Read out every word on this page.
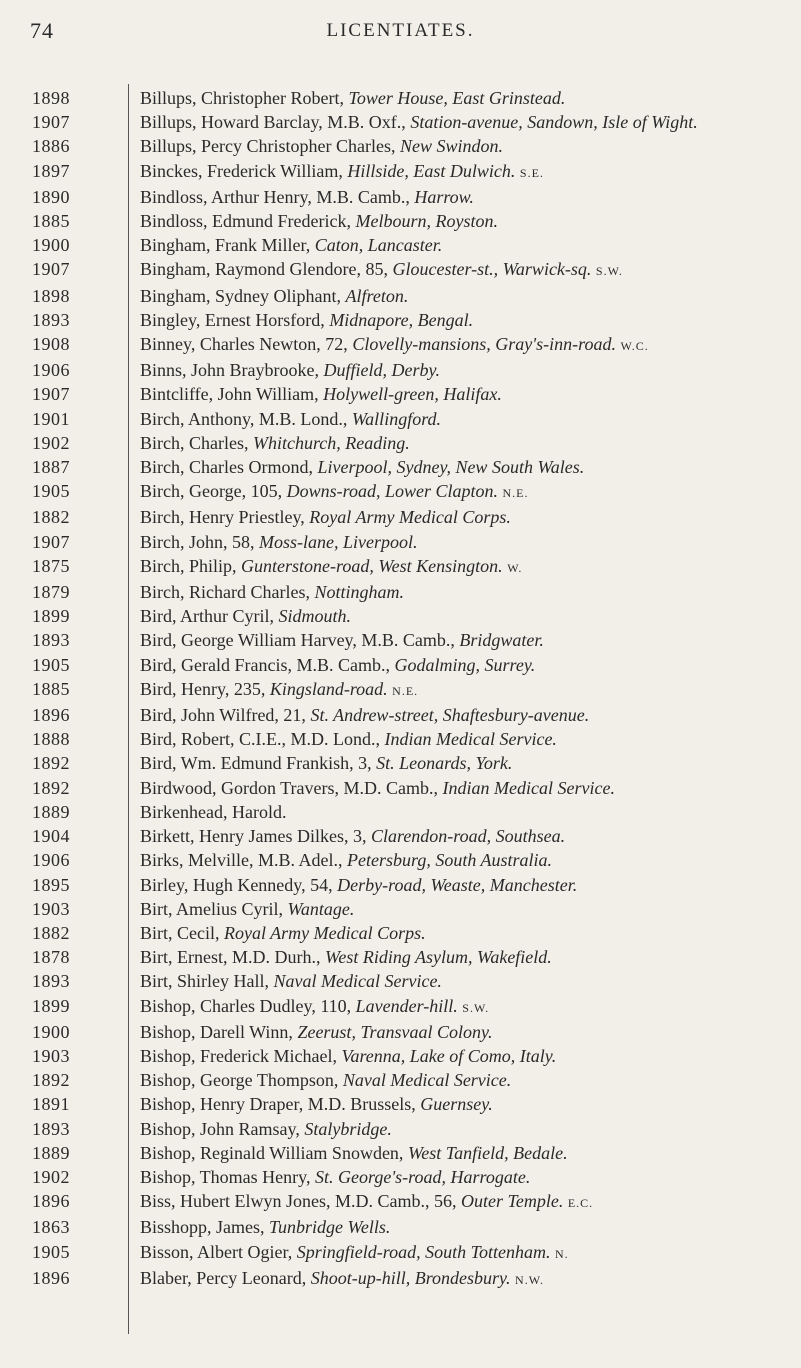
74	LICENTIATES.
1898	Billups, Christopher Robert, Tower House, East Grinstead.
1907	Billups, Howard Barclay, M.B. Oxf., Station-avenue, Sandown, Isle of Wight.
1886	Billups, Percy Christopher Charles, New Swindon.
1897	Binckes, Frederick William, Hillside, East Dulwich. S.E.
1890	Bindloss, Arthur Henry, M.B. Camb., Harrow.
1885	Bindloss, Edmund Frederick, Melbourn, Royston.
1900	Bingham, Frank Miller, Caton, Lancaster.
1907	Bingham, Raymond Glendore, 85, Gloucester-st., Warwick-sq. S.W.
1898	Bingham, Sydney Oliphant, Alfreton.
1893	Bingley, Ernest Horsford, Midnapore, Bengal.
1908	Binney, Charles Newton, 72, Clovelly-mansions, Gray's-inn-road. W.C.
1906	Binns, John Braybrooke, Duffield, Derby.
1907	Bintcliffe, John William, Holywell-green, Halifax.
1901	Birch, Anthony, M.B. Lond., Wallingford.
1902	Birch, Charles, Whitchurch, Reading.
1887	Birch, Charles Ormond, Liverpool, Sydney, New South Wales.
1905	Birch, George, 105, Downs-road, Lower Clapton. N.E.
1882	Birch, Henry Priestley, Royal Army Medical Corps.
1907	Birch, John, 58, Moss-lane, Liverpool.
1875	Birch, Philip, Gunterstone-road, West Kensington. W.
1879	Birch, Richard Charles, Nottingham.
1899	Bird, Arthur Cyril, Sidmouth.
1893	Bird, George William Harvey, M.B. Camb., Bridgwater.
1905	Bird, Gerald Francis, M.B. Camb., Godalming, Surrey.
1885	Bird, Henry, 235, Kingsland-road. N.E.
1896	Bird, John Wilfred, 21, St. Andrew-street, Shaftesbury-avenue.
1888	Bird, Robert, C.I.E., M.D. Lond., Indian Medical Service.
1892	Bird, Wm. Edmund Frankish, 3, St. Leonards, York.
1892	Birdwood, Gordon Travers, M.D. Camb., Indian Medical Service.
1889	Birkenhead, Harold.
1904	Birkett, Henry James Dilkes, 3, Clarendon-road, Southsea.
1906	Birks, Melville, M.B. Adel., Petersburg, South Australia.
1895	Birley, Hugh Kennedy, 54, Derby-road, Weaste, Manchester.
1903	Birt, Amelius Cyril, Wantage.
1882	Birt, Cecil, Royal Army Medical Corps.
1878	Birt, Ernest, M.D. Durh., West Riding Asylum, Wakefield.
1893	Birt, Shirley Hall, Naval Medical Service.
1899	Bishop, Charles Dudley, 110, Lavender-hill. S.W.
1900	Bishop, Darell Winn, Zeerust, Transvaal Colony.
1903	Bishop, Frederick Michael, Varenna, Lake of Como, Italy.
1892	Bishop, George Thompson, Naval Medical Service.
1891	Bishop, Henry Draper, M.D. Brussels, Guernsey.
1893	Bishop, John Ramsay, Stalybridge.
1889	Bishop, Reginald William Snowden, West Tanfield, Bedale.
1902	Bishop, Thomas Henry, St. George's-road, Harrogate.
1896	Biss, Hubert Elwyn Jones, M.D. Camb., 56, Outer Temple. E.C.
1863	Bisshopp, James, Tunbridge Wells.
1905	Bisson, Albert Ogier, Springfield-road, South Tottenham. N.
1896	Blaber, Percy Leonard, Shoot-up-hill, Brondesbury. N.W.
